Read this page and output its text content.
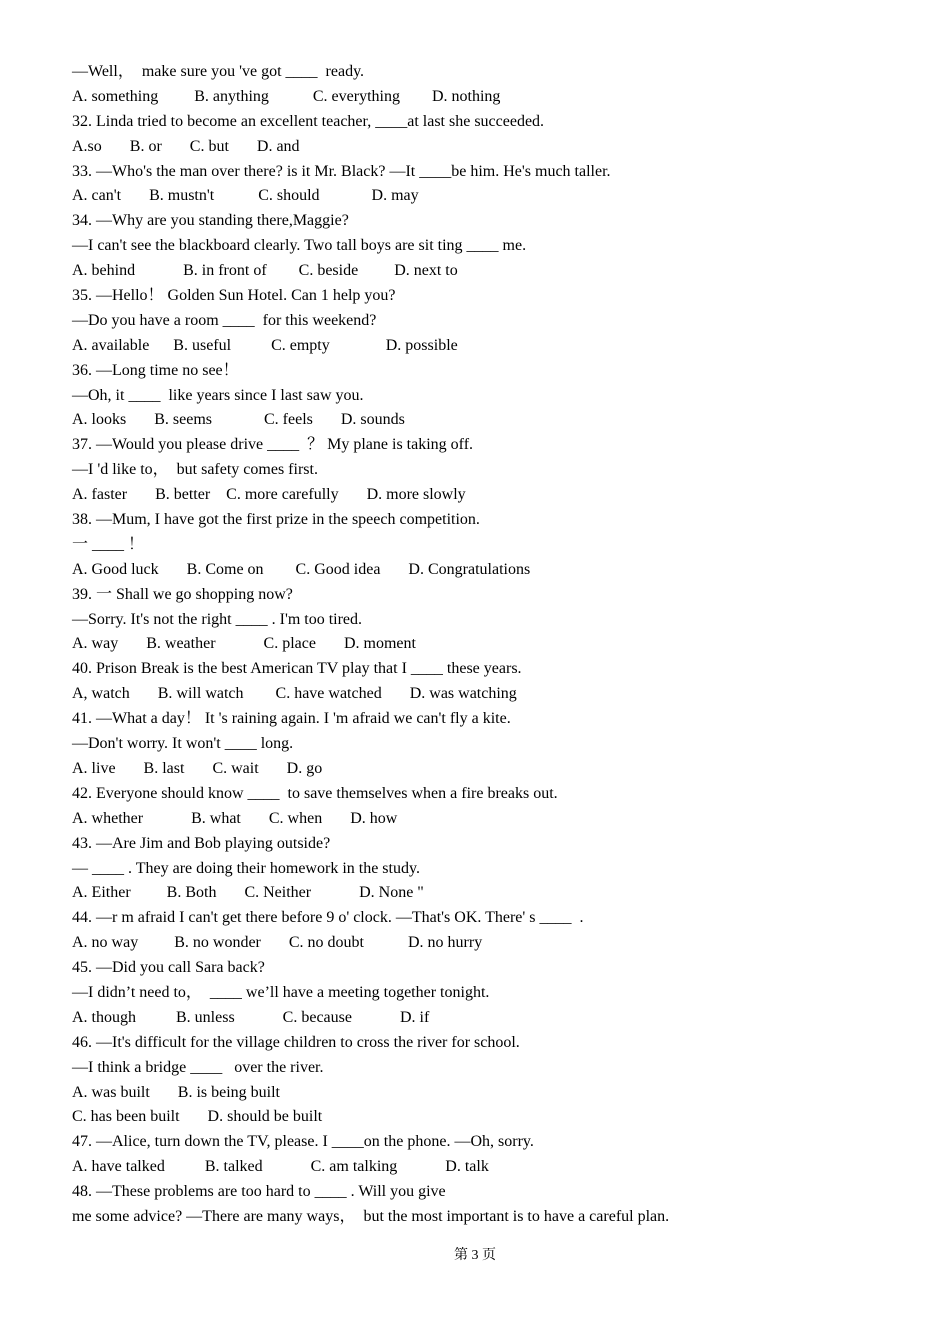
—Well，  make sure you 've got ____  ready.
A. something         B. anything           C. everything        D. nothing
32. Linda tried to become an excellent teacher, ____at last she succeeded.
A.so       B. or       C. but       D. and
33. —Who's the man over there? is it Mr. Black? —It ____be him. He's much taller.
A. can't       B. mustn't           C. should             D. may
34. —Why are you standing there,Maggie?
—I can't see the blackboard clearly. Two tall boys are sit ting ____ me.
A. behind            B. in front of        C. beside         D. next to
35. —Hello！ Golden Sun Hotel. Can 1 help you?
—Do you have a room ____  for this weekend?
A. available      B. useful          C. empty              D. possible
36. —Long time no see！
—Oh, it ____  like years since I last saw you.
A. looks       B. seems             C. feels       D. sounds
37. —Would you please drive ____  ？ My plane is taking off.
—I 'd like to，  but safety comes first.
A. faster       B. better    C. more carefully       D. more slowly
38. —Mum, I have got the first prize in the speech competition.
一 ____ ！
A. Good luck       B. Come on        C. Good idea       D. Congratulations
39. 一 Shall we go shopping now?
—Sorry. It's not the right ____ . I'm too tired.
A. way       B. weather            C. place       D. moment
40. Prison Break is the best American TV play that I ____ these years.
A, watch       B. will watch        C. have watched       D. was watching
41. —What a day！ It 's raining again. I 'm afraid we can't fly a kite.
—Don't worry. It won't ____ long.
A. live       B. last       C. wait       D. go
42. Everyone should know ____  to save themselves when a fire breaks out.
A. whether            B. what       C. when       D. how
43. —Are Jim and Bob playing outside?
— ____ . They are doing their homework in the study.
A. Either         B. Both       C. Neither            D. None "
44. —r m afraid I can't get there before 9 o' clock. —That's OK. There' s ____  .
A. no way         B. no wonder       C. no doubt           D. no hurry
45. —Did you call Sara back?
—I didn’t need to，  ____ we’ll have a meeting together tonight.
A. though          B. unless            C. because            D. if
46. —It's difficult for the village children to cross the river for school.
—I think a bridge ____   over the river.
A. was built       B. is being built
C. has been built       D. should be built
47. —Alice, turn down the TV, please. I ____on the phone. —Oh, sorry.
A. have talked          B. talked            C. am talking            D. talk
48. —These problems are too hard to ____ . Will you give
me some advice? —There are many ways，  but the most important is to have a careful plan.
第 3 页
